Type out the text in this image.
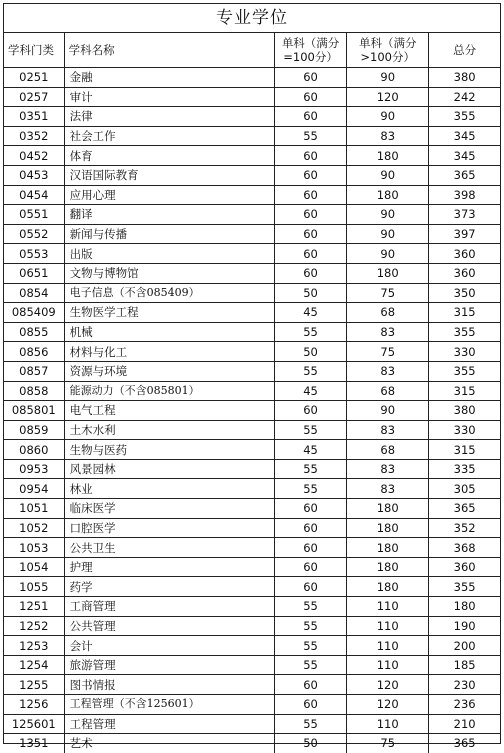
专业学位				
学科门类	学科名称	单科（满分=100分）	单科（满分>100分）	总分
0251	金融	60	90	380
0257	审计	60	120	242
0351	法律	60	90	355
0352	社会工作	55	83	345
0452	体育	60	180	345
0453	汉语国际教育	60	90	365
0454	应用心理	60	180	398
0551	翻译	60	90	373
0552	新闻与传播	60	90	397
0553	出版	60	90	360
0651	文物与博物馆	60	180	360
0854	电子信息（不含085409）	50	75	350
085409	生物医学工程	45	68	315
0855	机械	55	83	355
0856	材料与化工	50	75	330
0857	资源与环境	55	83	355
0858	能源动力（不含085801）	45	68	315
085801	电气工程	60	90	380
0859	土木水利	55	83	330
0860	生物与医药	45	68	315
0953	风景园林	55	83	335
0954	林业	55	83	305
1051	临床医学	60	180	365
1052	口腔医学	60	180	352
1053	公共卫生	60	180	368
1054	护理	60	180	360
1055	药学	60	180	355
1251	工商管理	55	110	180
1252	公共管理	55	110	190
1253	会计	55	110	200
1254	旅游管理	55	110	185
1255	图书情报	60	120	230
1256	工程管理（不含125601）	60	120	236
125601	工程管理	55	110	210
1351	艺术	50	75	365
